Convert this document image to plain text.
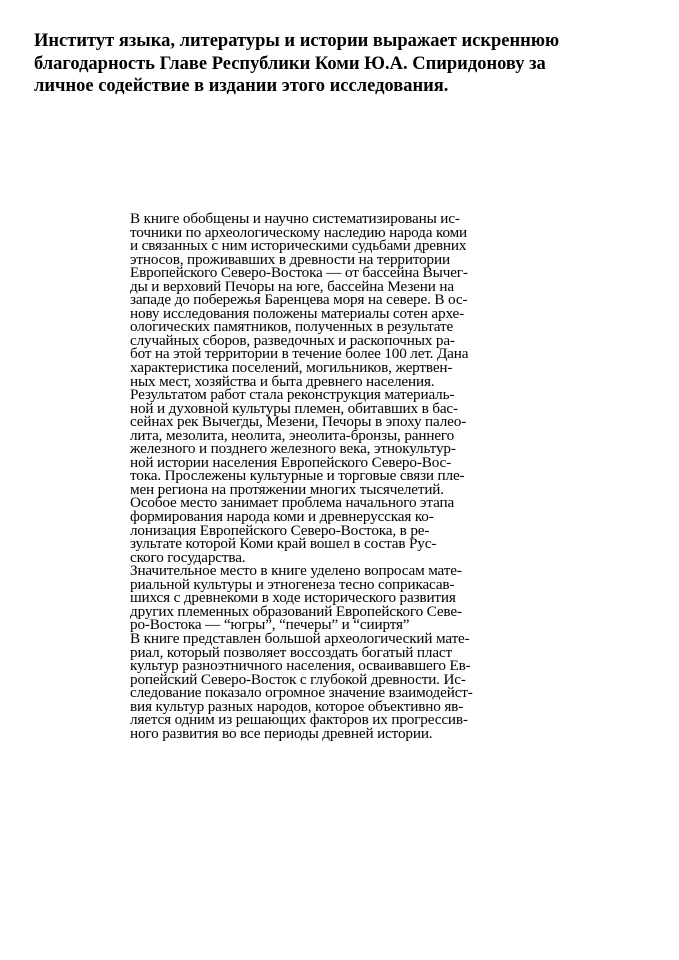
Институт языка, литературы и истории выражает искреннюю
благодарность Главе Республики Коми Ю.А. Спиридонову за
личное содействие в издании этого исследования.
В книге обобщены и научно систематизированы ис-
точники по археологическому наследию народа коми
и связанных с ним историческими судьбами древних
этносов, проживавших в древности на территории
Европейского Северо-Востока — от бассейна Вычег-
ды и верховий Печоры на юге, бассейна Мезени на
западе до побережья Баренцева моря на севере. В ос-
нову исследования положены материалы сотен архе-
ологических памятников, полученных в результате
случайных сборов, разведочных и раскопочных ра-
бот на этой территории в течение более 100 лет. Дана
характеристика поселений, могильников, жертвен-
ных мест, хозяйства и быта древнего населения.
Результатом работ стала реконструкция материаль-
ной и духовной культуры племен, обитавших в бас-
сейнах рек Вычегды, Мезени, Печоры в эпоху палео-
лита, мезолита, неолита, энеолита-бронзы, раннего
железного и позднего железного века, этнокультур-
ной истории населения Европейского Северо-Вос-
тока. Прослежены культурные и торговые связи пле-
мен региона на протяжении многих тысячелетий.
Особое место занимает проблема начального этапа
формирования народа коми и древнерусская ко-
лонизация Европейского Северо-Востока, в ре-
зультате которой Коми край вошел в состав Рус-
ского государства.
Значительное место в книге уделено вопросам мате-
риальной культуры и этногенеза тесно соприкасав-
шихся с древнекоми в ходе исторического развития
других племенных образований Европейского Севе-
ро-Востока — “югры”, “печеры” и “сииртя”
В книге представлен большой археологический мате-
риал, который позволяет воссоздать богатый пласт
культур разноэтничного населения, осваивавшего Ев-
ропейский Северо-Восток с глубокой древности. Ис-
следование показало огромное значение взаимодейст-
вия культур разных народов, которое объективно яв-
ляется одним из решающих факторов их прогрессив-
ного развития во все периоды древней истории.
